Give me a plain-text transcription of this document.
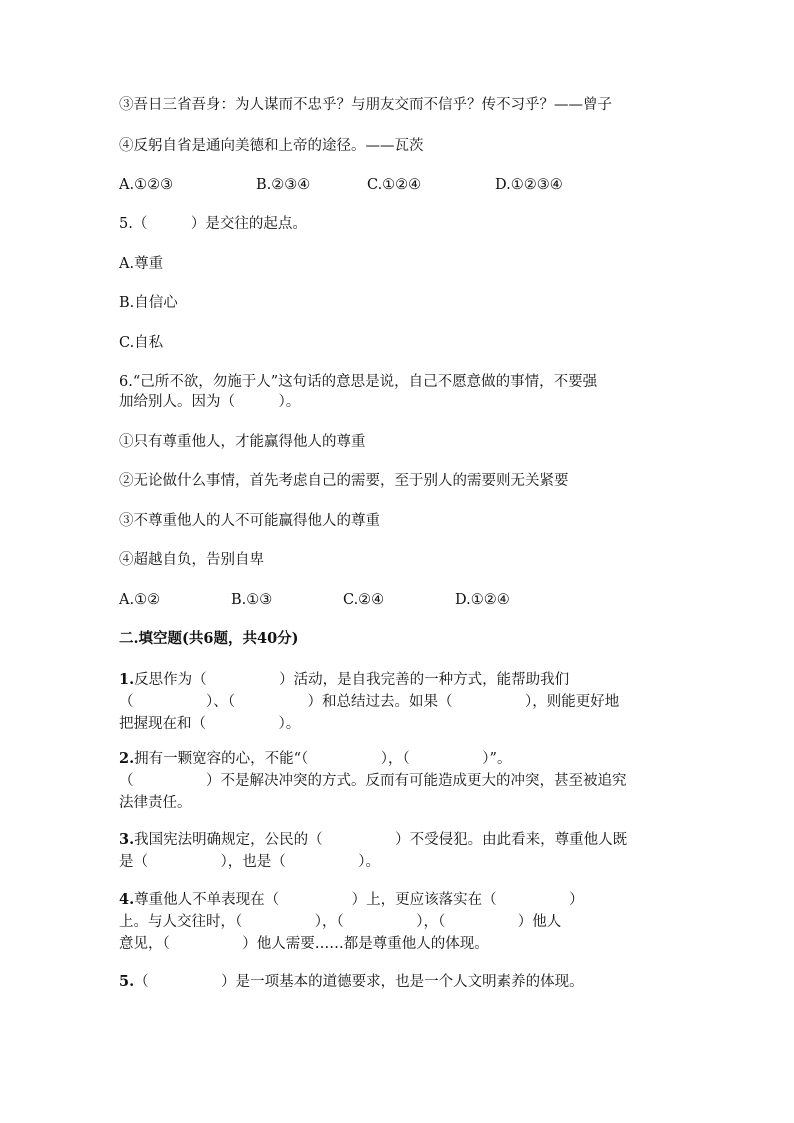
③吾日三省吾身：为人谋而不忠乎？与朋友交而不信乎？传不习乎？——曾子
④反躬自省是通向美德和上帝的途径。——瓦茨
A.①②③	B.②③④	C.①②④	D.①②③④
5.（　　　）是交往的起点。
A.尊重
B.自信心
C.自私
6.“己所不欲，勿施于人”这句话的意思是说，自己不愿意做的事情，不要强
加给别人。因为（　　　）。
①只有尊重他人，才能赢得他人的尊重
②无论做什么事情，首先考虑自己的需要，至于别人的需要则无关紧要
③不尊重他人的人不可能赢得他人的尊重
④超越自负，告别自卑
A.①②	B.①③	C.②④	D.①②④
二.填空题(共6题，共40分)
1.反思作为（　　　　　）活动，是自我完善的一种方式，能帮助我们
（　　　　　）、（　　　　　）和总结过去。如果（　　　　　），则能更好地
把握现在和（　　　　　）。
2.拥有一颗宽容的心，不能“（　　　　　），（　　　　　）”。
（　　　　　）不是解决冲突的方式。反而有可能造成更大的冲突，甚至被追究
法律责任。
3.我国宪法明确规定，公民的（　　　　　）不受侵犯。由此看来，尊重他人既
是（　　　　　），也是（　　　　　）。
4.尊重他人不单表现在（　　　　　）上，更应该落实在（　　　　　）
上。与人交往时，（　　　　　），（　　　　　），（　　　　　）他人
意见，（　　　　　）他人需要……都是尊重他人的体现。
5.（　　　　　）是一项基本的道德要求，也是一个人文明素养的体现。
